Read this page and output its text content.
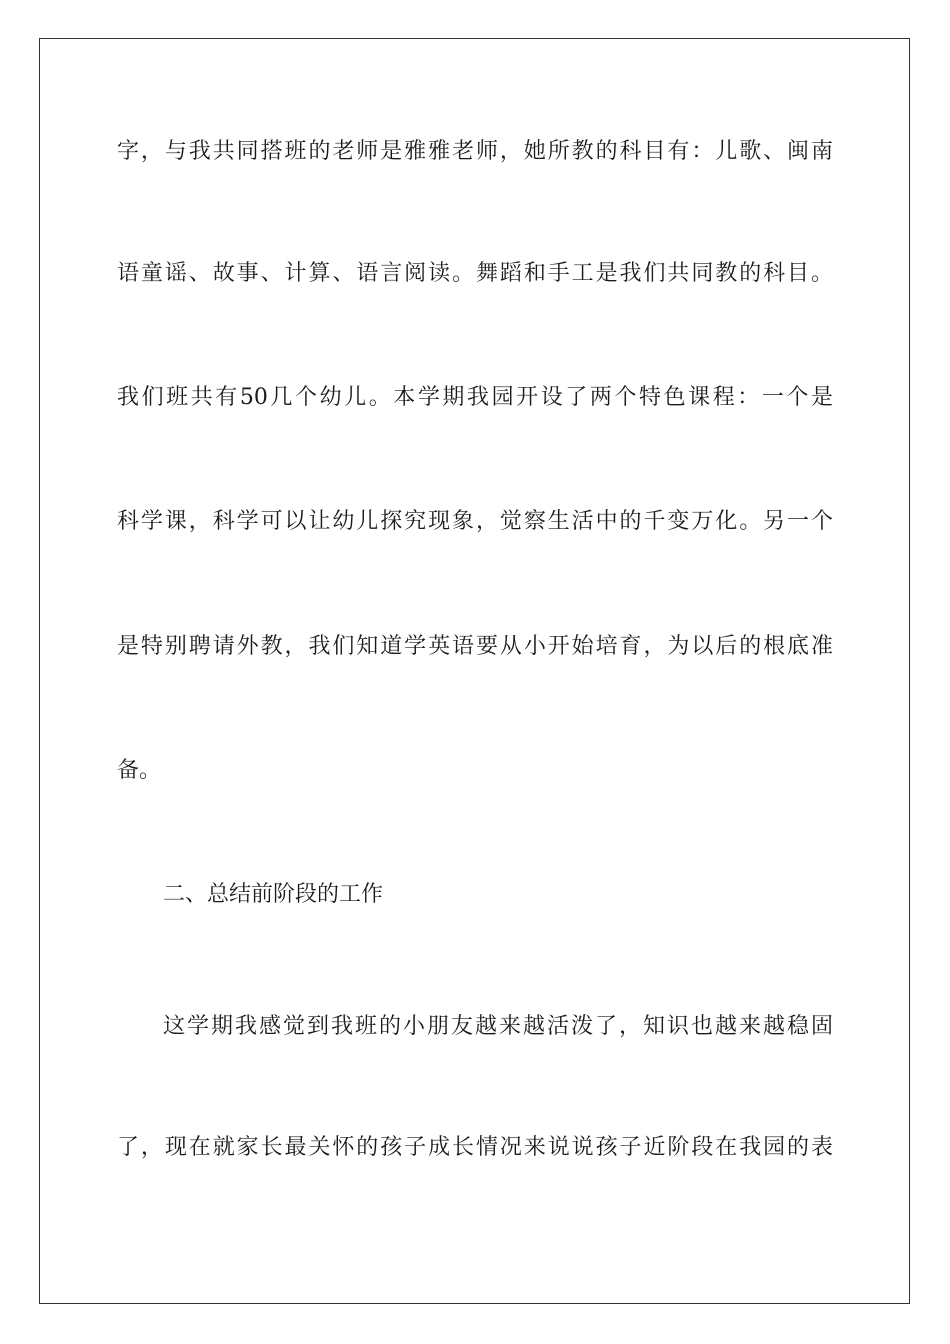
字，与我共同搭班的老师是雅雅老师，她所教的科目有：儿歌、闽南
语童谣、故事、计算、语言阅读。舞蹈和手工是我们共同教的科目。
我们班共有50几个幼儿。本学期我园开设了两个特色课程：一个是
科学课，科学可以让幼儿探究现象，觉察生活中的千变万化。另一个
是特别聘请外教，我们知道学英语要从小开始培育，为以后的根底准
备。
二、总结前阶段的工作
这学期我感觉到我班的小朋友越来越活泼了，知识也越来越稳固
了，现在就家长最关怀的孩子成长情况来说说孩子近阶段在我园的表
